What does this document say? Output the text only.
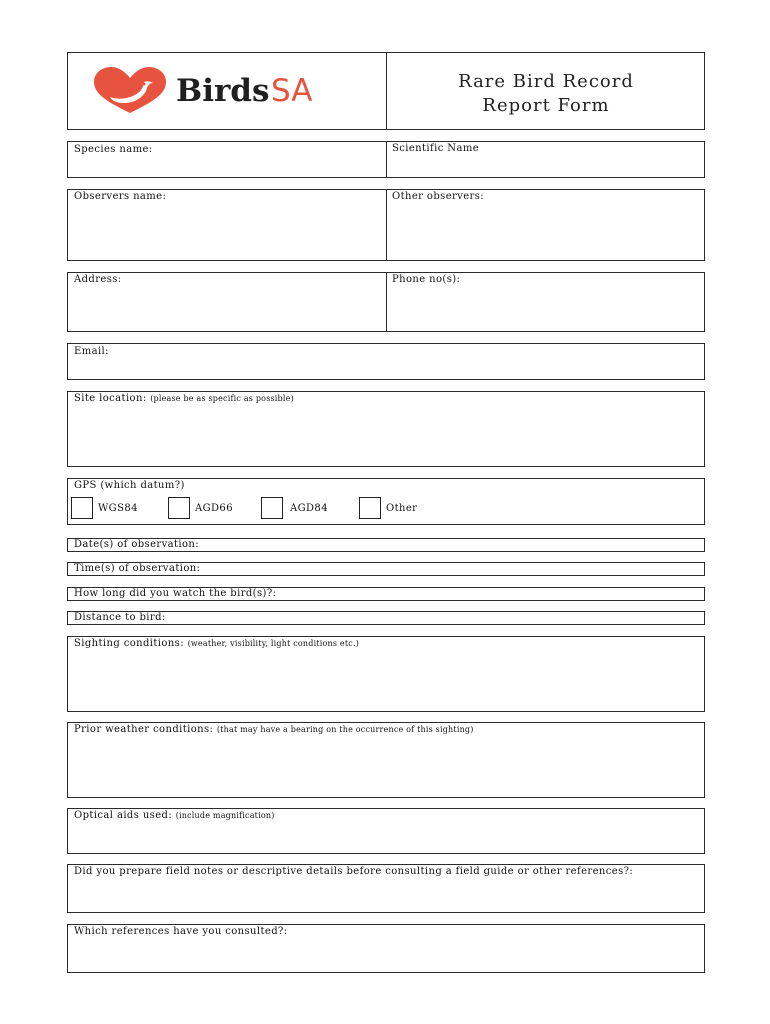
Birds SA	Rare Bird Record
Report Form
Species name:	Scientific Name
Observers name:	Other observers:
Address:	Phone no(s):
Email:
Site location: (please be as specific as possible)
GPS (which datum?)
WGS84	AGD66	AGD84	Other
Date(s) of observation:
Time(s) of observation:
How long did you watch the bird(s)?:
Distance to bird:
Sighting conditions: (weather, visibility, light conditions etc.)
Prior weather conditions: (that may have a bearing on the occurrence of this sighting)
Optical aids used: (include magnification)
Did you prepare field notes or descriptive details before consulting a field guide or other references?:
Which references have you consulted?:
